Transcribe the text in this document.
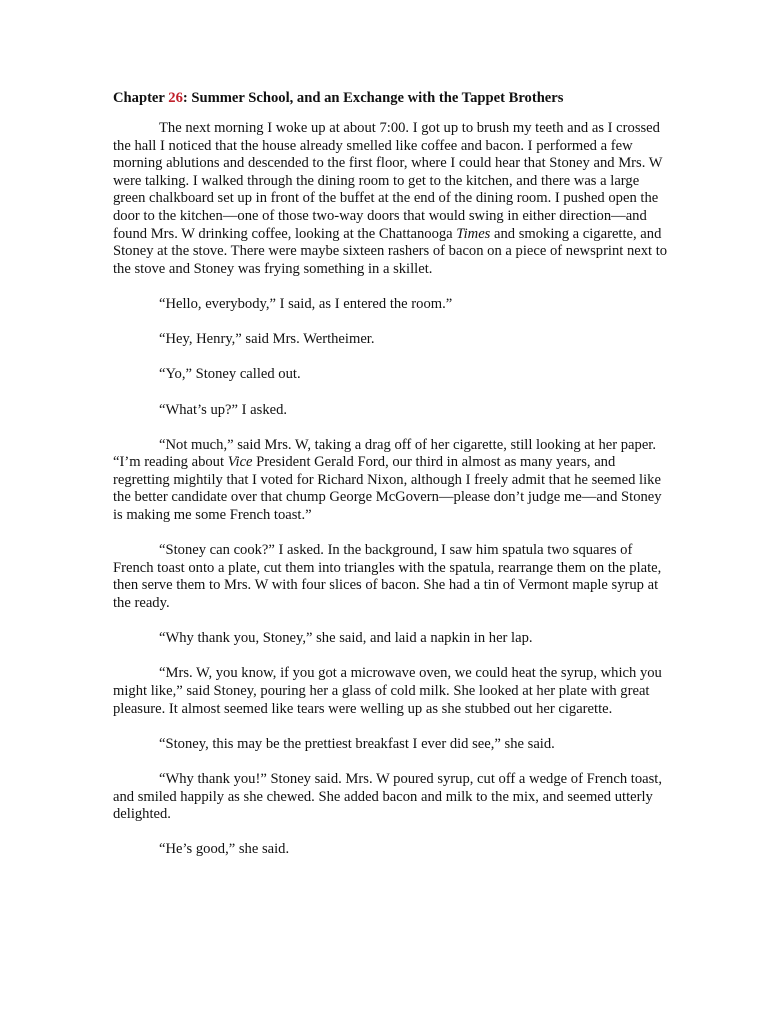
Chapter 26: Summer School, and an Exchange with the Tappet Brothers

The next morning I woke up at about 7:00. I got up to brush my teeth and as I crossed the hall I noticed that the house already smelled like coffee and bacon. I performed a few morning ablutions and descended to the first floor, where I could hear that Stoney and Mrs. W were talking. I walked through the dining room to get to the kitchen, and there was a large green chalkboard set up in front of the buffet at the end of the dining room. I pushed open the door to the kitchen—one of those two-way doors that would swing in either direction—and found Mrs. W drinking coffee, looking at the Chattanooga Times and smoking a cigarette, and Stoney at the stove. There were maybe sixteen rashers of bacon on a piece of newsprint next to the stove and Stoney was frying something in a skillet.

“Hello, everybody,” I said, as I entered the room.”

“Hey, Henry,” said Mrs. Wertheimer.

“Yo,” Stoney called out.

“What’s up?” I asked.

“Not much,” said Mrs. W, taking a drag off of her cigarette, still looking at her paper. “I’m reading about Vice President Gerald Ford, our third in almost as many years, and regretting mightily that I voted for Richard Nixon, although I freely admit that he seemed like the better candidate over that chump George McGovern—please don’t judge me—and Stoney is making me some French toast.”

“Stoney can cook?” I asked. In the background, I saw him spatula two squares of French toast onto a plate, cut them into triangles with the spatula, rearrange them on the plate, then serve them to Mrs. W with four slices of bacon. She had a tin of Vermont maple syrup at the ready.

“Why thank you, Stoney,” she said, and laid a napkin in her lap.

“Mrs. W, you know, if you got a microwave oven, we could heat the syrup, which you might like,” said Stoney, pouring her a glass of cold milk. She looked at her plate with great pleasure. It almost seemed like tears were welling up as she stubbed out her cigarette.

“Stoney, this may be the prettiest breakfast I ever did see,” she said.

“Why thank you!” Stoney said. Mrs. W poured syrup, cut off a wedge of French toast, and smiled happily as she chewed. She added bacon and milk to the mix, and seemed utterly delighted.

“He’s good,” she said.
